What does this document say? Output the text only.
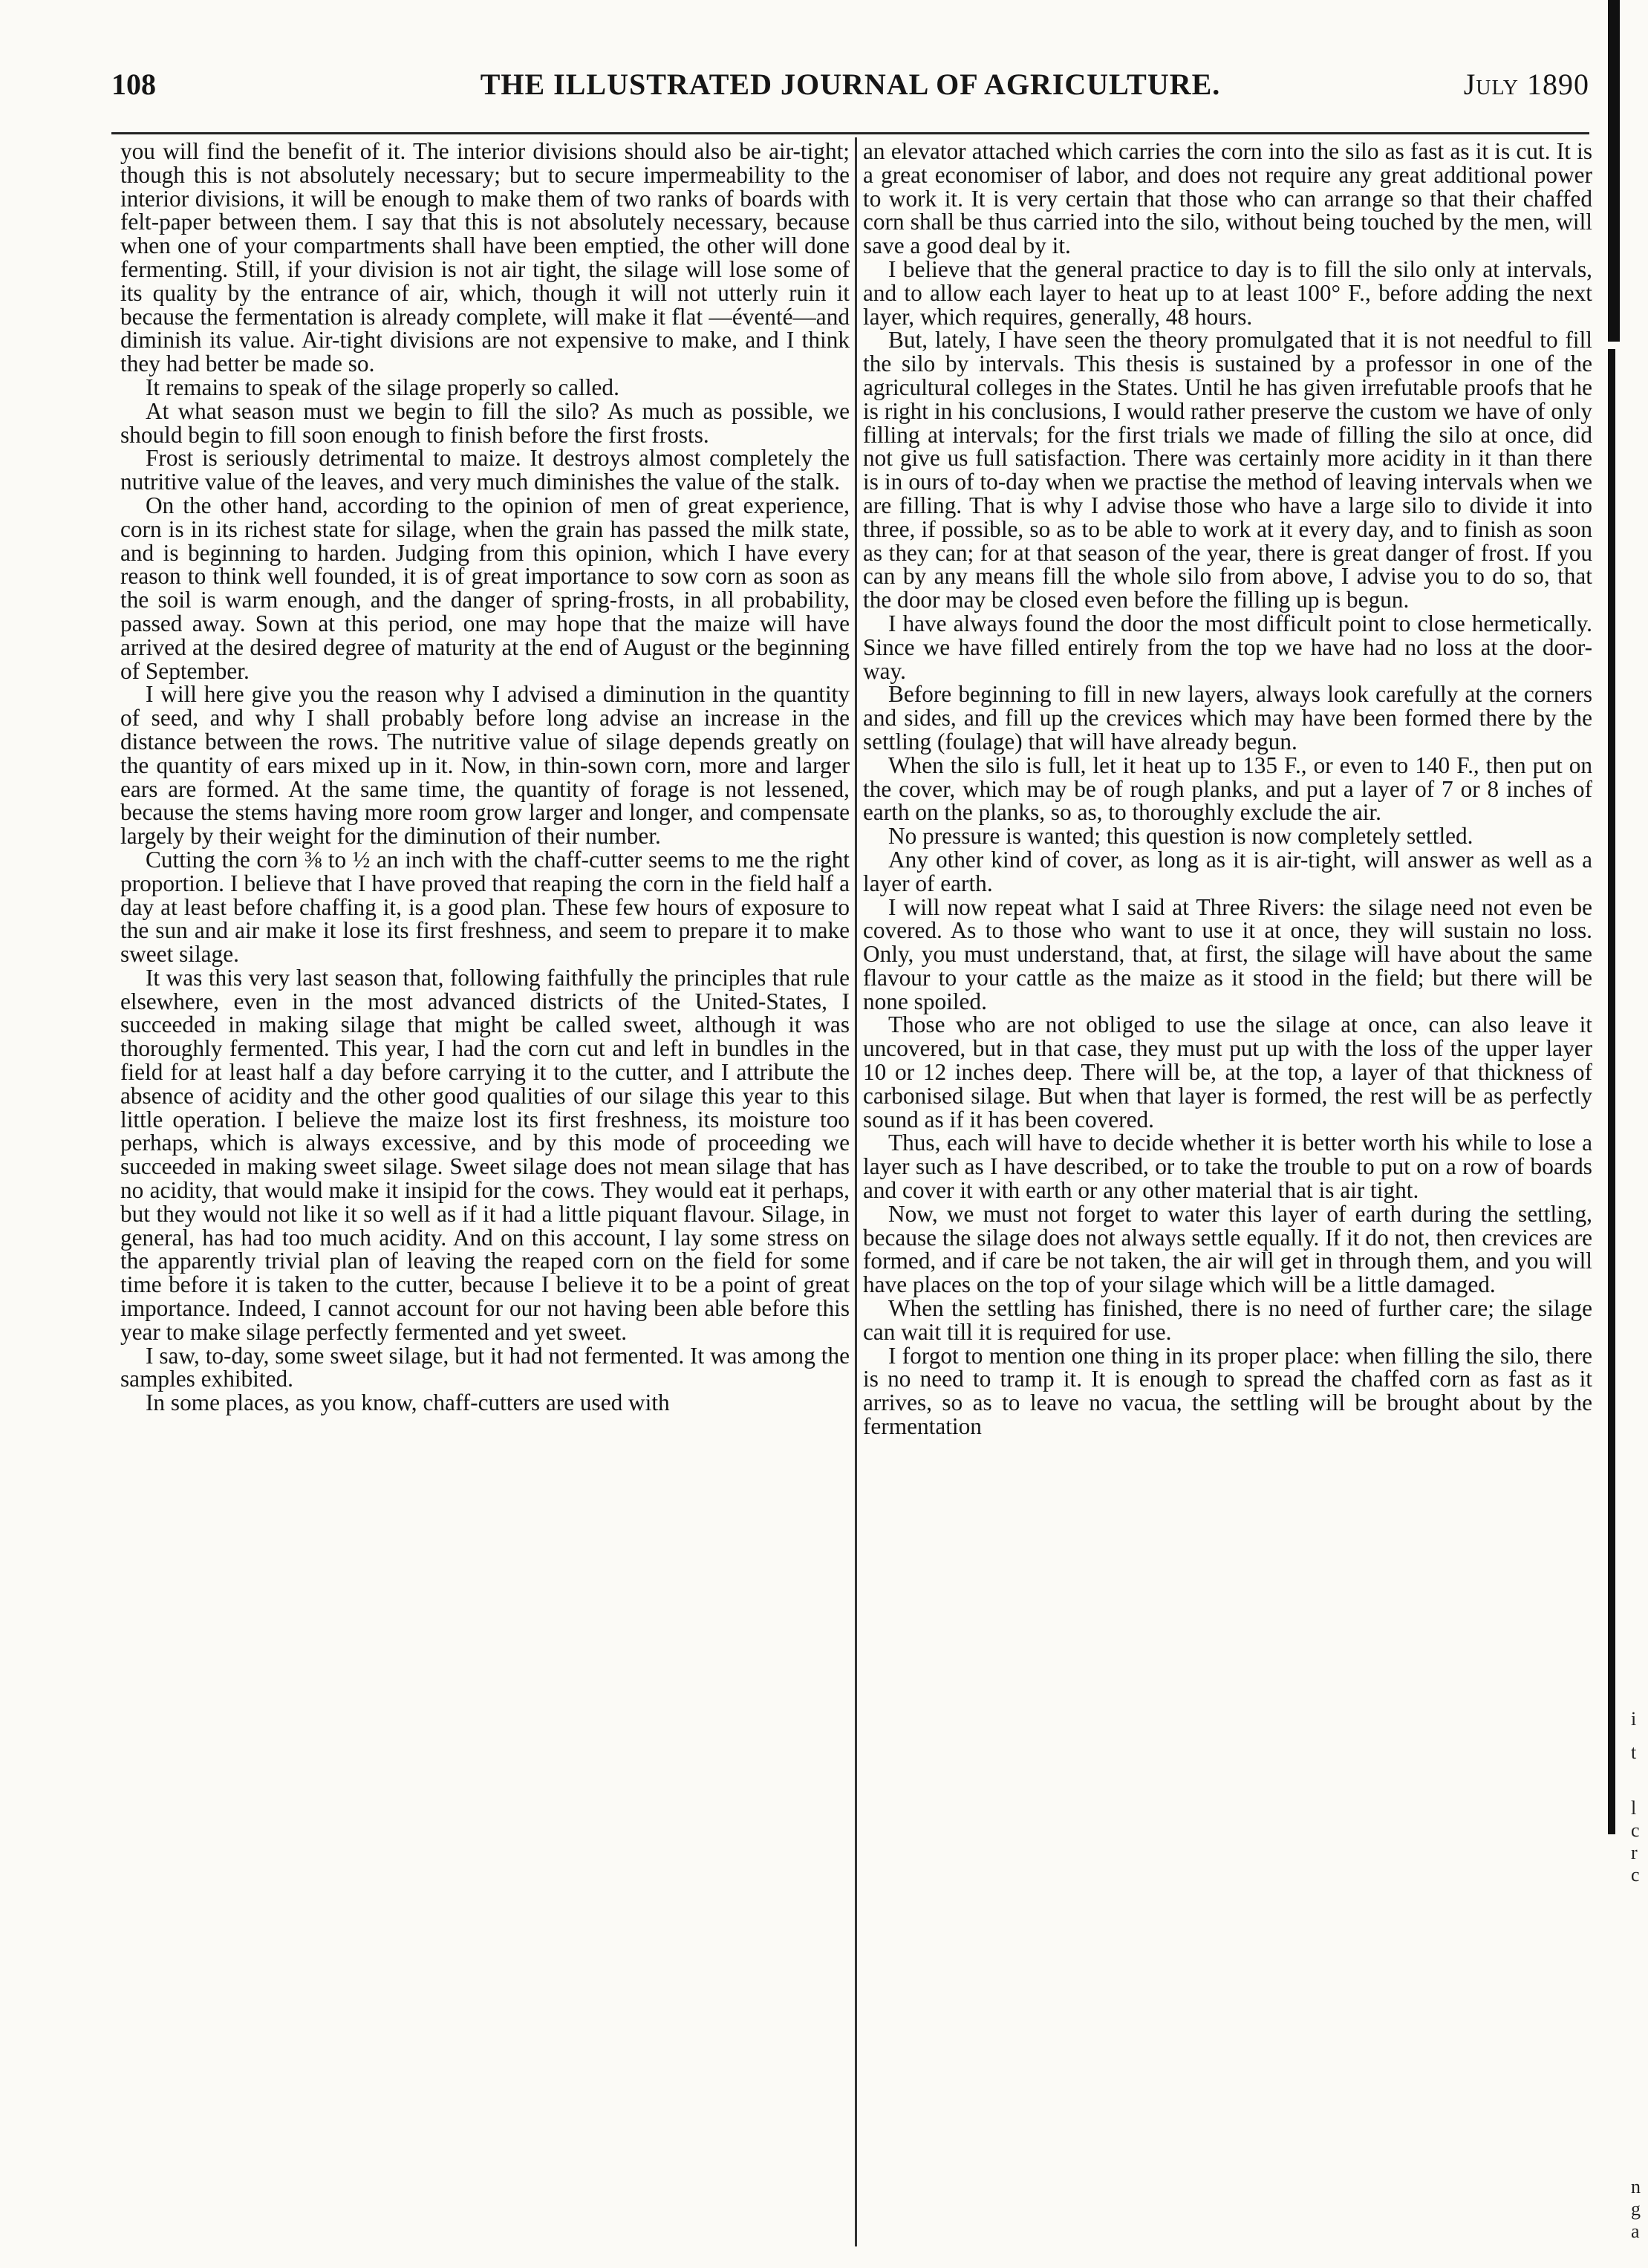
108	THE ILLUSTRATED JOURNAL OF AGRICULTURE.	July 1890

you will find the benefit of it. The interior divisions should also be air-tight; though this is not absolutely necessary; but to secure impermeability to the interior divisions, it will be enough to make them of two ranks of boards with felt-paper between them. I say that this is not absolutely necessary, because when one of your compartments shall have been emptied, the other will done fermenting. Still, if your division is not air tight, the silage will lose some of its quality by the entrance of air, which, though it will not utterly ruin it because the fermentation is already complete, will make it flat —éventé—and diminish its value. Air-tight divisions are not expensive to make, and I think they had better be made so.

It remains to speak of the silage properly so called.

At what season must we begin to fill the silo? As much as possible, we should begin to fill soon enough to finish before the first frosts.

Frost is seriously detrimental to maize. It destroys almost completely the nutritive value of the leaves, and very much diminishes the value of the stalk.

On the other hand, according to the opinion of men of great experience, corn is in its richest state for silage, when the grain has passed the milk state, and is beginning to harden. Judging from this opinion, which I have every reason to think well founded, it is of great importance to sow corn as soon as the soil is warm enough, and the danger of spring-frosts, in all probability, passed away. Sown at this period, one may hope that the maize will have arrived at the desired degree of maturity at the end of August or the beginning of September.

I will here give you the reason why I advised a diminution in the quantity of seed, and why I shall probably before long advise an increase in the distance between the rows. The nutritive value of silage depends greatly on the quantity of ears mixed up in it. Now, in thin-sown corn, more and larger ears are formed. At the same time, the quantity of forage is not lessened, because the stems having more room grow larger and longer, and compensate largely by their weight for the diminution of their number.

Cutting the corn ⅜ to ½ an inch with the chaff-cutter seems to me the right proportion. I believe that I have proved that reaping the corn in the field half a day at least before chaffing it, is a good plan. These few hours of exposure to the sun and air make it lose its first freshness, and seem to prepare it to make sweet silage.

It was this very last season that, following faithfully the principles that rule elsewhere, even in the most advanced districts of the United-States, I succeeded in making silage that might be called sweet, although it was thoroughly fermented. This year, I had the corn cut and left in bundles in the field for at least half a day before carrying it to the cutter, and I attribute the absence of acidity and the other good qualities of our silage this year to this little operation. I believe the maize lost its first freshness, its moisture too perhaps, which is always excessive, and by this mode of proceeding we succeeded in making sweet silage. Sweet silage does not mean silage that has no acidity, that would make it insipid for the cows. They would eat it perhaps, but they would not like it so well as if it had a little piquant flavour. Silage, in general, has had too much acidity. And on this account, I lay some stress on the apparently trivial plan of leaving the reaped corn on the field for some time before it is taken to the cutter, because I believe it to be a point of great importance. Indeed, I cannot account for our not having been able before this year to make silage perfectly fermented and yet sweet.

I saw, to-day, some sweet silage, but it had not fermented. It was among the samples exhibited.

In some places, as you know, chaff-cutters are used with

an elevator attached which carries the corn into the silo as fast as it is cut. It is a great economiser of labor, and does not require any great additional power to work it. It is very certain that those who can arrange so that their chaffed corn shall be thus carried into the silo, without being touched by the men, will save a good deal by it.

I believe that the general practice to day is to fill the silo only at intervals, and to allow each layer to heat up to at least 100° F., before adding the next layer, which requires, generally, 48 hours.

But, lately, I have seen the theory promulgated that it is not needful to fill the silo by intervals. This thesis is sustained by a professor in one of the agricultural colleges in the States. Until he has given irrefutable proofs that he is right in his conclusions, I would rather preserve the custom we have of only filling at intervals; for the first trials we made of filling the silo at once, did not give us full satisfaction. There was certainly more acidity in it than there is in ours of to-day when we practise the method of leaving intervals when we are filling. That is why I advise those who have a large silo to divide it into three, if possible, so as to be able to work at it every day, and to finish as soon as they can; for at that season of the year, there is great danger of frost. If you can by any means fill the whole silo from above, I advise you to do so, that the door may be closed even before the filling up is begun.

I have always found the door the most difficult point to close hermetically. Since we have filled entirely from the top we have had no loss at the door-way.

Before beginning to fill in new layers, always look carefully at the corners and sides, and fill up the crevices which may have been formed there by the settling (foulage) that will have already begun.

When the silo is full, let it heat up to 135 F., or even to 140 F., then put on the cover, which may be of rough planks, and put a layer of 7 or 8 inches of earth on the planks, so as, to thoroughly exclude the air.

No pressure is wanted; this question is now completely settled.

Any other kind of cover, as long as it is air-tight, will answer as well as a layer of earth.

I will now repeat what I said at Three Rivers: the silage need not even be covered. As to those who want to use it at once, they will sustain no loss. Only, you must understand, that, at first, the silage will have about the same flavour to your cattle as the maize as it stood in the field; but there will be none spoiled.

Those who are not obliged to use the silage at once, can also leave it uncovered, but in that case, they must put up with the loss of the upper layer 10 or 12 inches deep. There will be, at the top, a layer of that thickness of carbonised silage. But when that layer is formed, the rest will be as perfectly sound as if it has been covered.

Thus, each will have to decide whether it is better worth his while to lose a layer such as I have described, or to take the trouble to put on a row of boards and cover it with earth or any other material that is air tight.

Now, we must not forget to water this layer of earth during the settling, because the silage does not always settle equally. If it do not, then crevices are formed, and if care be not taken, the air will get in through them, and you will have places on the top of your silage which will be a little damaged.

When the settling has finished, there is no need of further care; the silage can wait till it is required for use.

I forgot to mention one thing in its proper place: when filling the silo, there is no need to tramp it. It is enough to spread the chaffed corn as fast as it arrives, so as to leave no vacua, the settling will be brought about by the fermentation

i
t
l
c
r
c
n
g
a
